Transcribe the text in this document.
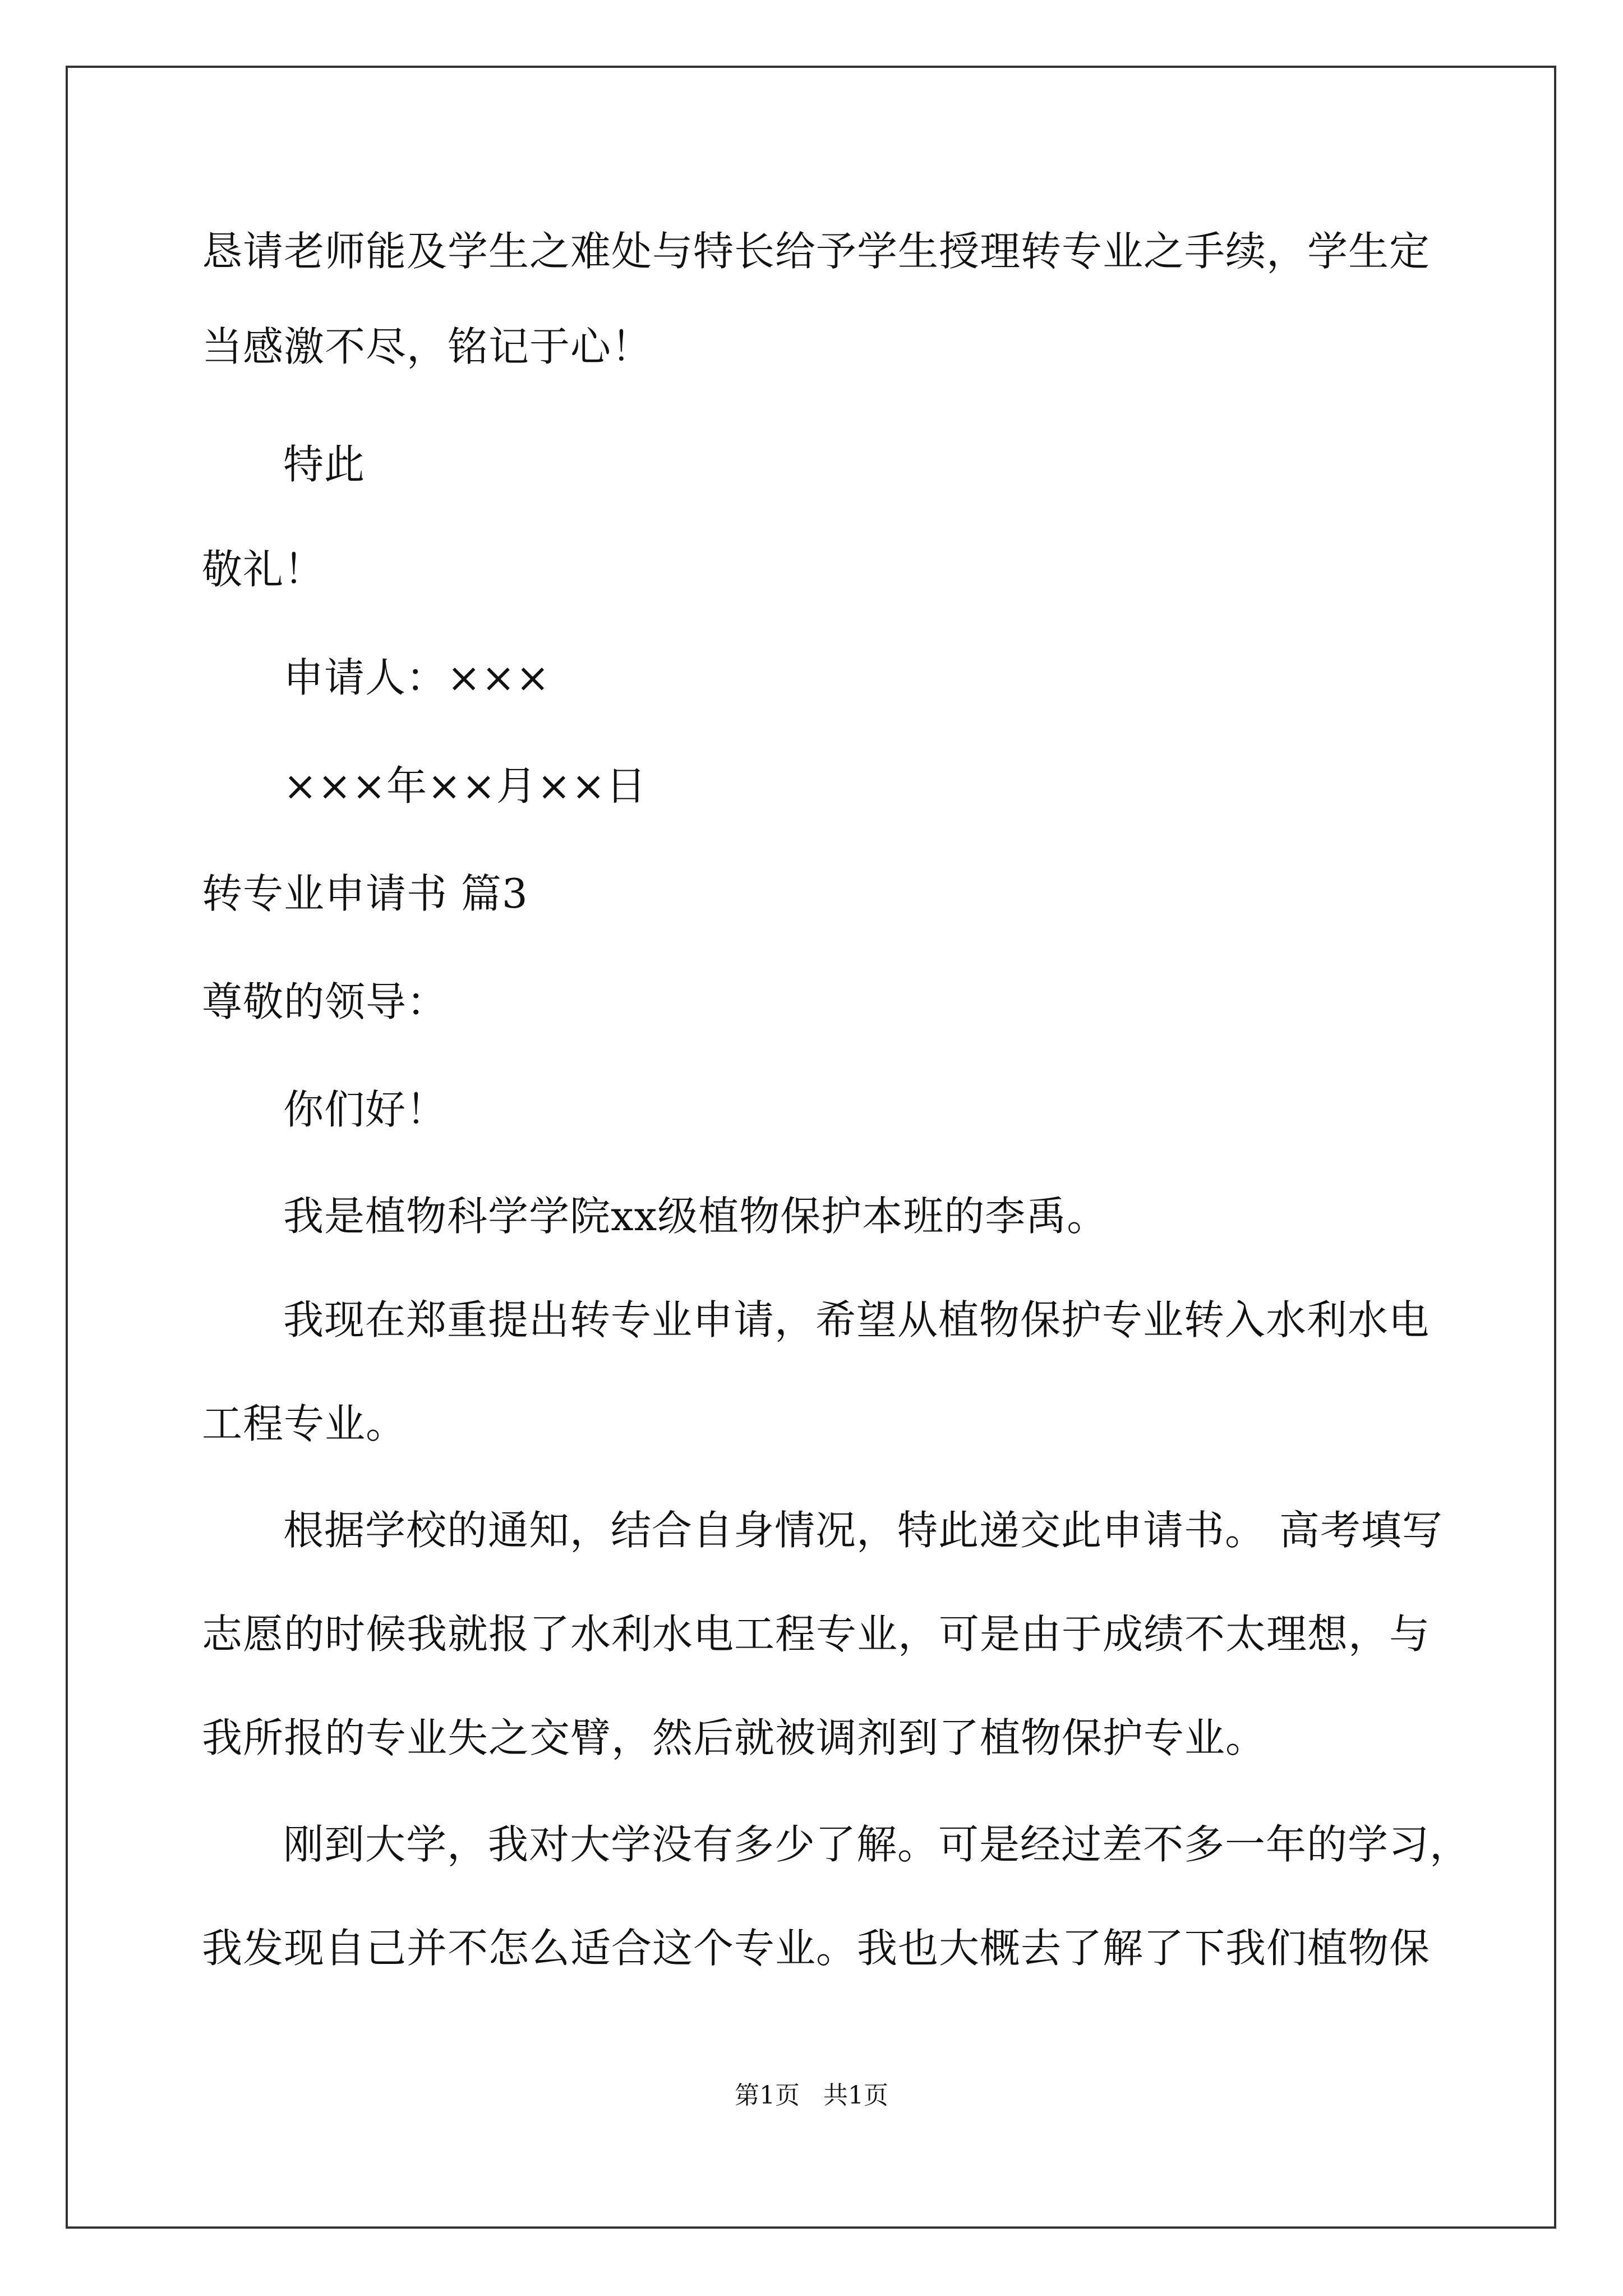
恳请老师能及学生之难处与特长给予学生授理转专业之手续，学生定
当感激不尽，铭记于心！
特此
敬礼！
申请人：×××
×××年××月××日
转专业申请书 篇3
尊敬的领导：
你们好！
我是植物科学学院xx级植物保护本班的李禹。
我现在郑重提出转专业申请，希望从植物保护专业转入水利水电
工程专业。
根据学校的通知，结合自身情况，特此递交此申请书。 高考填写
志愿的时候我就报了水利水电工程专业，可是由于成绩不太理想，与
我所报的专业失之交臂，然后就被调剂到了植物保护专业。
刚到大学，我对大学没有多少了解。可是经过差不多一年的学习，
我发现自己并不怎么适合这个专业。我也大概去了解了下我们植物保
第1页   共1页
